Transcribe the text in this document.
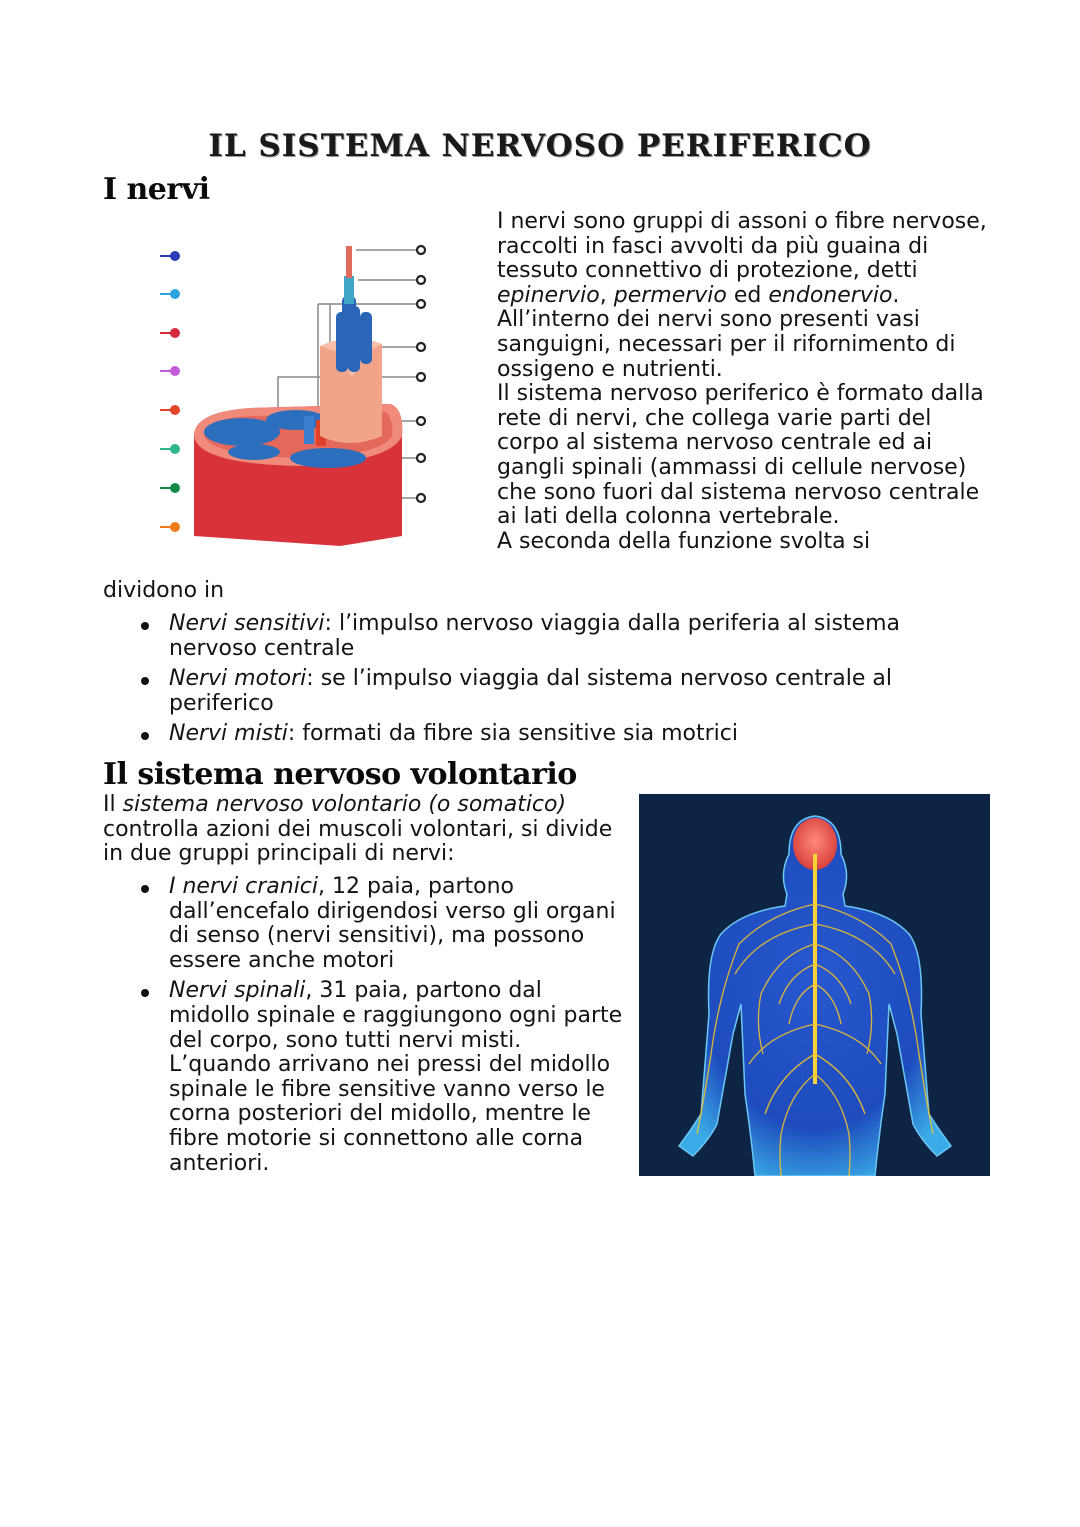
IL SISTEMA NERVOSO PERIFERICO
I nervi
Perinervio
Assone
Guaina mielinica
Epinervio
Nervo
Fascio di fibre nervose
Endonervio
Vasi sanguigni

I nervi sono gruppi di assoni o fibre nervose, raccolti in fasci avvolti da più guaina di tessuto connettivo di protezione, detti epinervio, permervio ed endonervio. All’interno dei nervi sono presenti vasi sanguigni, necessari per il rifornimento di ossigeno e nutrienti.

Il sistema nervoso periferico è formato dalla rete di nervi, che collega varie parti del corpo al sistema nervoso centrale ed ai gangli spinali (ammassi di cellule nervose) che sono fuori dal sistema nervoso centrale ai lati della colonna vertebrale.

A seconda della funzione svolta si

dividono in
Nervi sensitivi: l’impulso nervoso viaggia dalla periferia al sistema nervoso centrale
Nervi motori: se l’impulso viaggia dal sistema nervoso centrale al periferico
Nervi misti: formati da fibre sia sensitive sia motrici
Il sistema nervoso volontario
Il sistema nervoso volontario (o somatico) controlla azioni dei muscoli volontari, si divide in due gruppi principali di nervi:
I nervi cranici, 12 paia, partono dall’encefalo dirigendosi verso gli organi di senso (nervi sensitivi), ma possono essere anche motori
Nervi spinali, 31 paia, partono dal midollo spinale e raggiungono ogni parte del corpo, sono tutti nervi misti. L’quando arrivano nei pressi del midollo spinale le fibre sensitive vanno verso le corna posteriori del midollo, mentre le fibre motorie si connettono alle corna anteriori.
